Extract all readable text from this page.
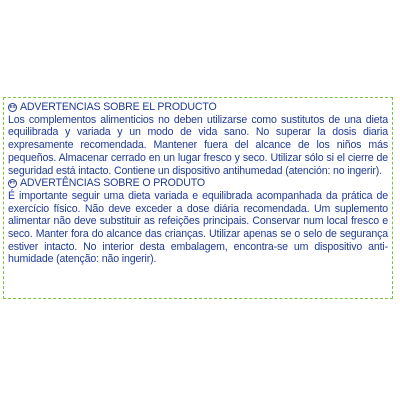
ES ADVERTENCIAS SOBRE EL PRODUCTO

Los complementos alimenticios no deben utilizarse como sustitutos de una dieta equilibrada y variada y un modo de vida sano. No superar la dosis diaria expresamente recomendada. Mantener fuera del alcance de los niños más pequeños. Almacenar cerrado en un lugar fresco y seco. Utilizar sólo si el cierre de seguridad está intacto. Contiene un dispositivo antihumedad (atención: no ingerir).

PT ADVERTÊNCIAS SOBRE O PRODUTO

É importante seguir uma dieta variada e equilibrada acompanhada da prática de exercício físico. Não deve exceder a dose diária recomendada. Um suplemento alimentar não deve substituir as refeições principais. Conservar num local fresco e seco. Manter fora do alcance das crianças. Utilizar apenas se o selo de segurança estiver intacto. No interior desta embalagem, encontra-se um dispositivo anti-humidade (atenção: não ingerir).
